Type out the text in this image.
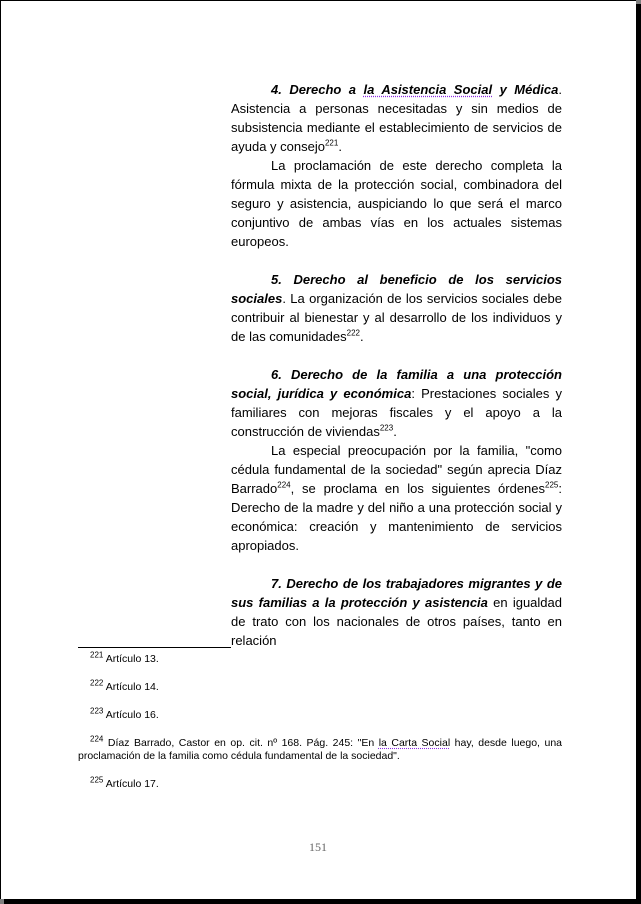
4. Derecho a la Asistencia Social y Médica. Asistencia a personas necesitadas y sin medios de subsistencia mediante el establecimiento de servicios de ayuda y consejo$^{221}$.

La proclamación de este derecho completa la fórmula mixta de la protección social, combinadora del seguro y asistencia, auspiciando lo que será el marco conjuntivo de ambas vías en los actuales sistemas europeos.

5. Derecho al beneficio de los servicios sociales. La organización de los servicios sociales debe contribuir al bienestar y al desarrollo de los individuos y de las comunidades$^{222}$.

6. Derecho de la familia a una protección social, jurídica y económica: Prestaciones sociales y familiares con mejoras fiscales y el apoyo a la construcción de viviendas$^{223}$.

La especial preocupación por la familia, "como cédula fundamental de la sociedad" según aprecia Díaz Barrado$^{224}$, se proclama en los siguientes órdenes$^{225}$: Derecho de la madre y del niño a una protección social y económica: creación y mantenimiento de servicios apropiados.

7. Derecho de los trabajadores migrantes y de sus familias a la protección y asistencia en igualdad de trato con los nacionales de otros países, tanto en relación

$^{221}$ Artículo 13.

$^{222}$ Artículo 14.

$^{223}$ Artículo 16.

$^{224}$ Díaz Barrado, Castor en op. cit. nº 168. Pág. 245: "En la Carta Social hay, desde luego, una proclamación de la familia como cédula fundamental de la sociedad".

$^{225}$ Artículo 17.

151
